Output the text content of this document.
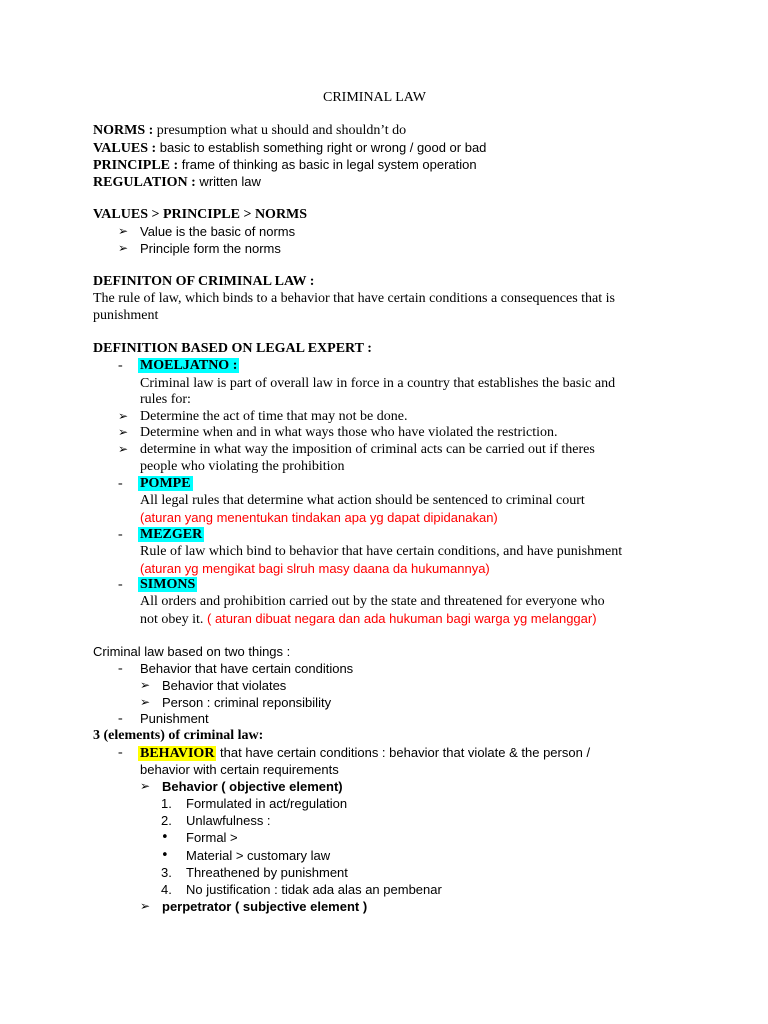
CRIMINAL LAW
NORMS : presumption what u should and shouldn’t do
VALUES : basic to establish something right or wrong / good or bad
PRINCIPLE : frame of thinking as basic in legal system operation
REGULATION : written law
VALUES > PRINCIPLE > NORMS
➢ Value is the basic of norms
➢ Principle form the norms
DEFINITON OF CRIMINAL LAW :
The rule of law, which binds to a behavior that have certain conditions a consequences that is
punishment
DEFINITION BASED ON LEGAL EXPERT :
- MOELJATNO :
Criminal law is part of overall law in force in a country that establishes the basic and
rules for:
➢ Determine the act of time that may not be done.
➢ Determine when and in what ways those who have violated the restriction.
➢ determine in what way the imposition of criminal acts can be carried out if theres
people who violating the prohibition
- POMPE
All legal rules that determine what action should be sentenced to criminal court
(aturan yang menentukan tindakan apa yg dapat dipidanakan)
- MEZGER
Rule of law which bind to behavior that have certain conditions, and have punishment
(aturan yg mengikat bagi slruh masy daana da hukumannya)
- SIMONS
All orders and prohibition carried out by the state and threatened for everyone who
not obey it. ( aturan dibuat negara dan ada hukuman bagi warga yg melanggar)
Criminal law based on two things :
- Behavior that have certain conditions
➢ Behavior that violates
➢ Person : criminal reponsibility
- Punishment
3 (elements) of criminal law:
- BEHAVIOR that have certain conditions : behavior that violate & the person /
behavior with certain requirements
➢ Behavior ( objective element)
1. Formulated in act/regulation
2. Unlawfulness :
• Formal >
• Material > customary law
3. Threathened by punishment
4. No justification : tidak ada alas an pembenar
➢ perpetrator ( subjective element )
